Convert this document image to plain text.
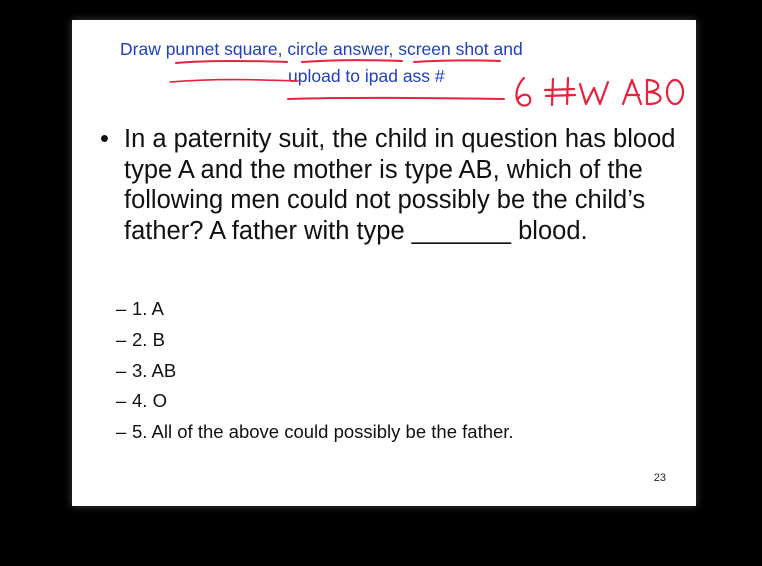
Draw punnet square, circle answer, screen shot and
upload to ipad ass #
• In a paternity suit, the child in question has blood type A and the mother is type AB, which of the following men could not possibly be the child’s father? A father with type _______ blood.
– 1. A
– 2. B
– 3. AB
– 4. O
– 5. All of the above could possibly be the father.
23
